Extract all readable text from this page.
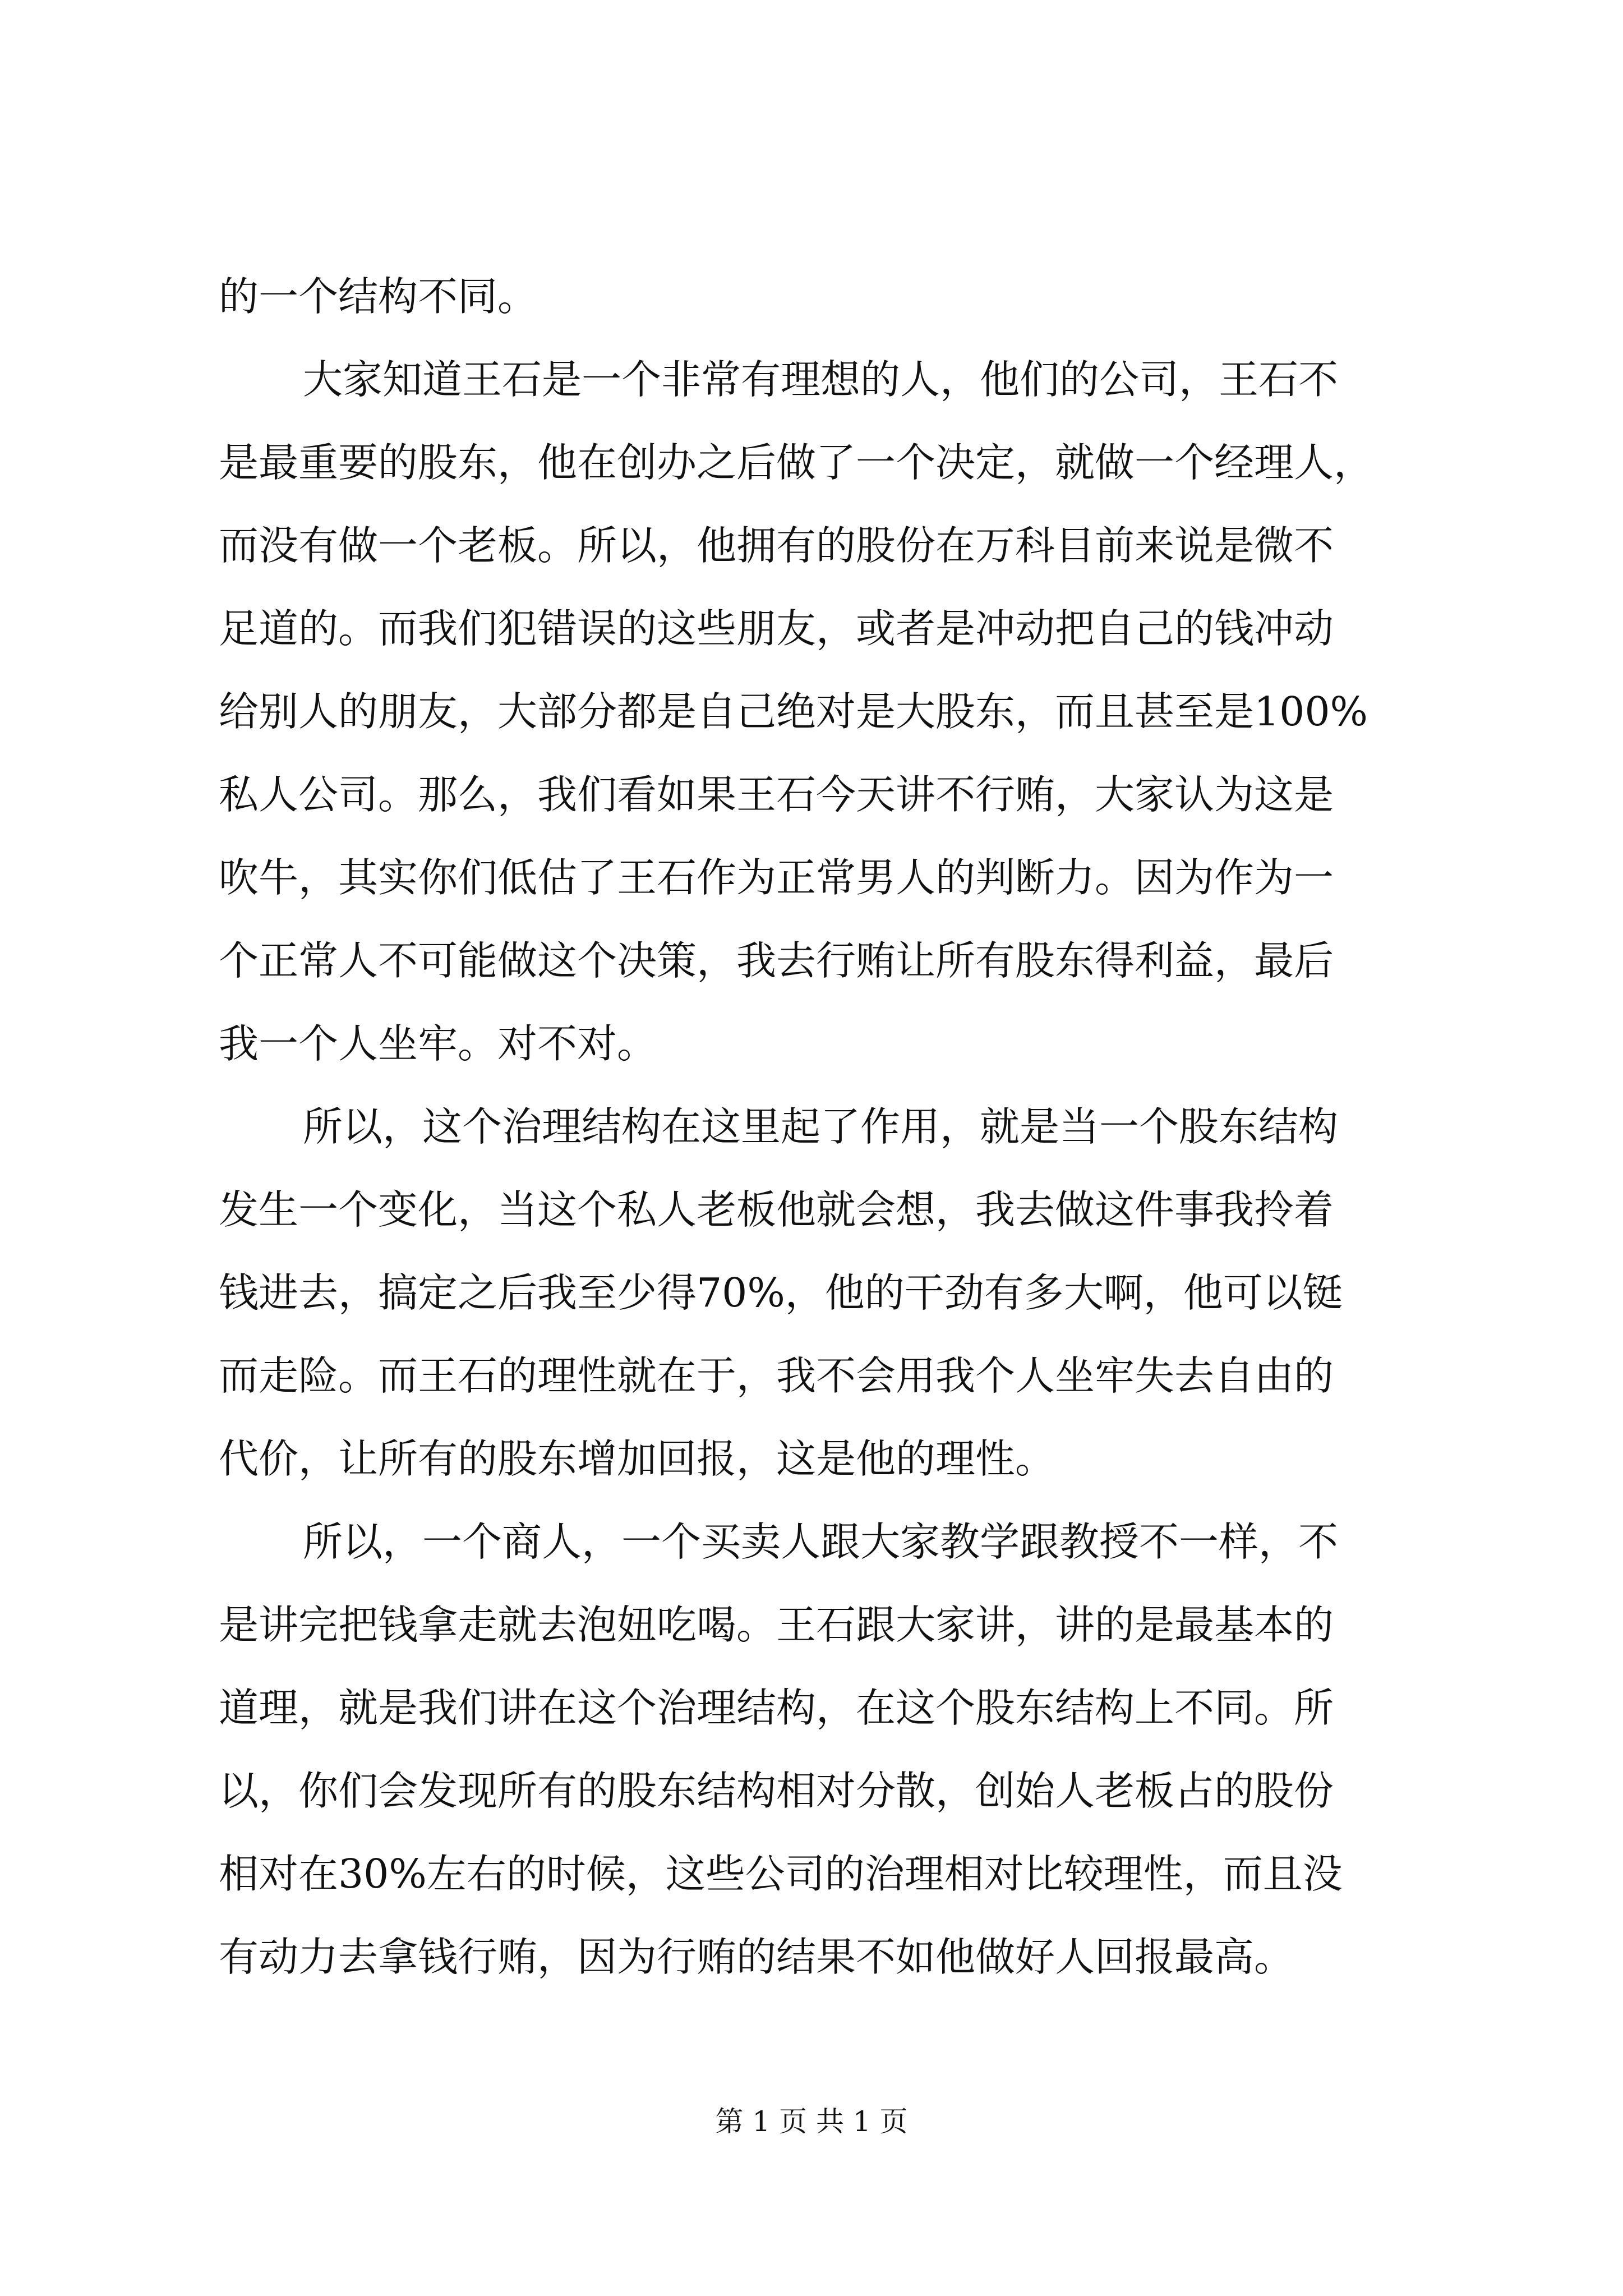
的一个结构不同。
大家知道王石是一个非常有理想的人，他们的公司，王石不
是最重要的股东，他在创办之后做了一个决定，就做一个经理人，
而没有做一个老板。所以，他拥有的股份在万科目前来说是微不
足道的。而我们犯错误的这些朋友，或者是冲动把自己的钱冲动
给别人的朋友，大部分都是自己绝对是大股东，而且甚至是100%
私人公司。那么，我们看如果王石今天讲不行贿，大家认为这是
吹牛，其实你们低估了王石作为正常男人的判断力。因为作为一
个正常人不可能做这个决策，我去行贿让所有股东得利益，最后
我一个人坐牢。对不对。
所以，这个治理结构在这里起了作用，就是当一个股东结构
发生一个变化，当这个私人老板他就会想，我去做这件事我拎着
钱进去，搞定之后我至少得70%，他的干劲有多大啊，他可以铤
而走险。而王石的理性就在于，我不会用我个人坐牢失去自由的
代价，让所有的股东增加回报，这是他的理性。
所以，一个商人，一个买卖人跟大家教学跟教授不一样，不
是讲完把钱拿走就去泡妞吃喝。王石跟大家讲，讲的是最基本的
道理，就是我们讲在这个治理结构，在这个股东结构上不同。所
以，你们会发现所有的股东结构相对分散，创始人老板占的股份
相对在30%左右的时候，这些公司的治理相对比较理性，而且没
有动力去拿钱行贿，因为行贿的结果不如他做好人回报最高。
第 1 页 共 1 页
